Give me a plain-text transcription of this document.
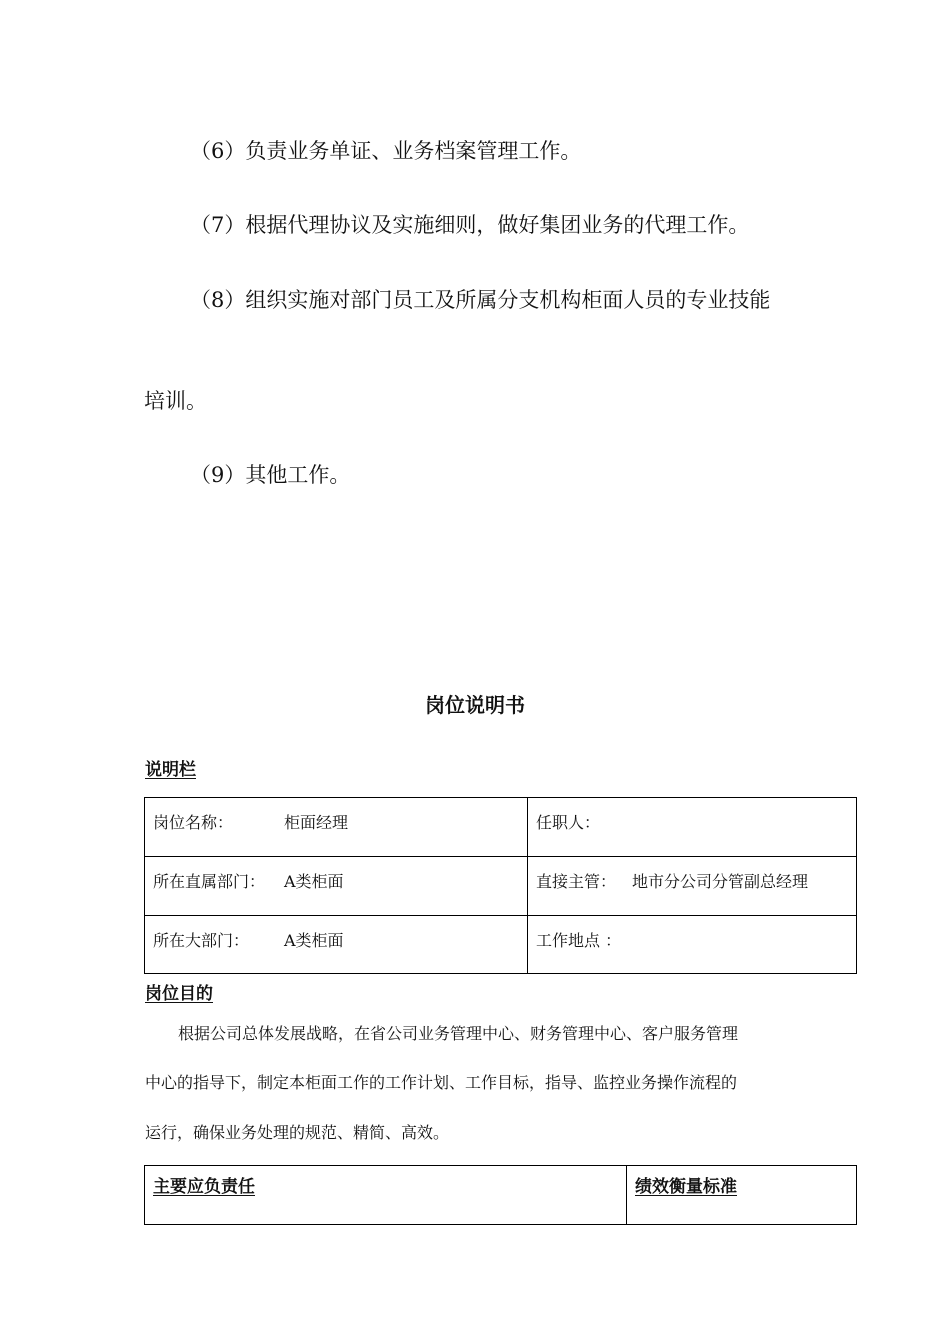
（6）负责业务单证、业务档案管理工作。
（7）根据代理协议及实施细则，做好集团业务的代理工作。
（8）组织实施对部门员工及所属分支机构柜面人员的专业技能
培训。
（9）其他工作。
岗位说明书
说明栏
岗位名称： 柜面经理	任职人：
所在直属部门： A类柜面	直接主管： 地市分公司分管副总经理
所在大部门： A类柜面	工作地点 ：
岗位目的
根据公司总体发展战略，在省公司业务管理中心、财务管理中心、客户服务管理
中心的指导下，制定本柜面工作的工作计划、工作目标，指导、监控业务操作流程的
运行，确保业务处理的规范、精简、高效。
主要应负责任	绩效衡量标准
